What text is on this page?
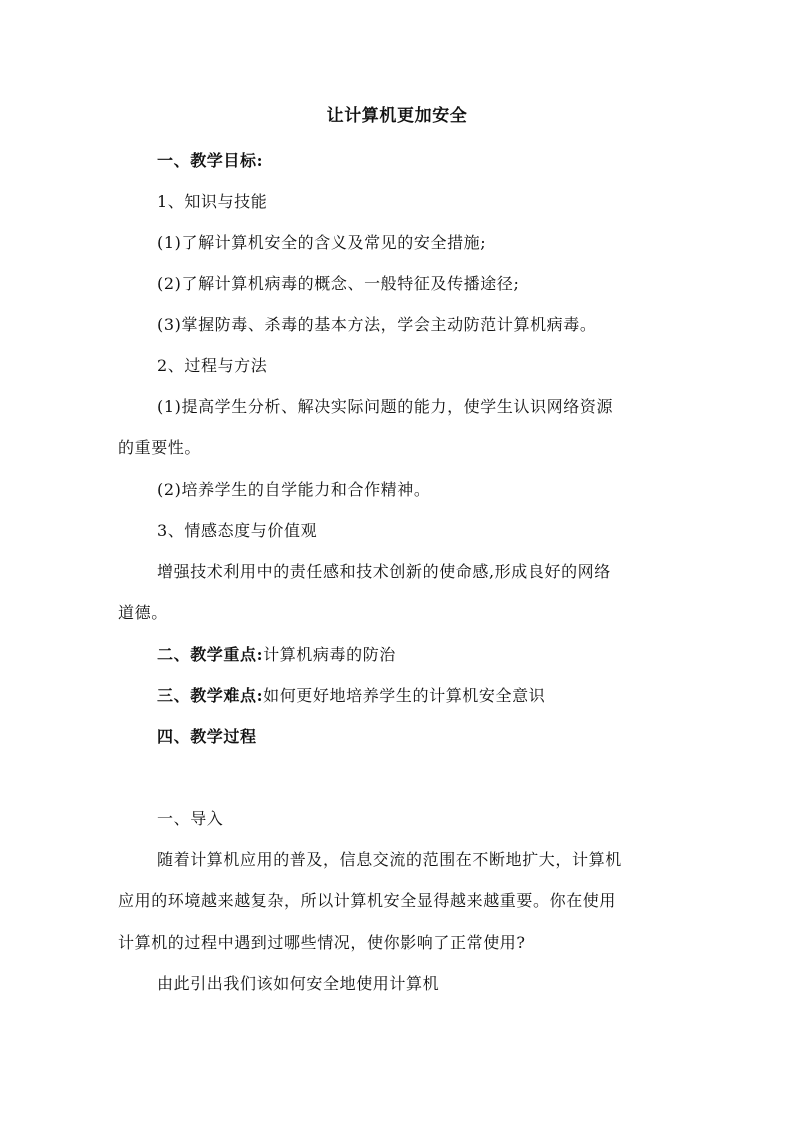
让计算机更加安全

一、教学目标:

1、知识与技能

(1)了解计算机安全的含义及常见的安全措施;

(2)了解计算机病毒的概念、一般特征及传播途径;

(3)掌握防毒、杀毒的基本方法，学会主动防范计算机病毒。

2、过程与方法

(1)提高学生分析、解决实际问题的能力，使学生认识网络资源

的重要性。

(2)培养学生的自学能力和合作精神。

3、情感态度与价值观

增强技术利用中的责任感和技术创新的使命感,形成良好的网络

道德。

二、教学重点:计算机病毒的防治

三、教学难点:如何更好地培养学生的计算机安全意识

四、教学过程

一、导入

随着计算机应用的普及，信息交流的范围在不断地扩大，计算机

应用的环境越来越复杂，所以计算机安全显得越来越重要。你在使用

计算机的过程中遇到过哪些情况，使你影响了正常使用?

由此引出我们该如何安全地使用计算机
